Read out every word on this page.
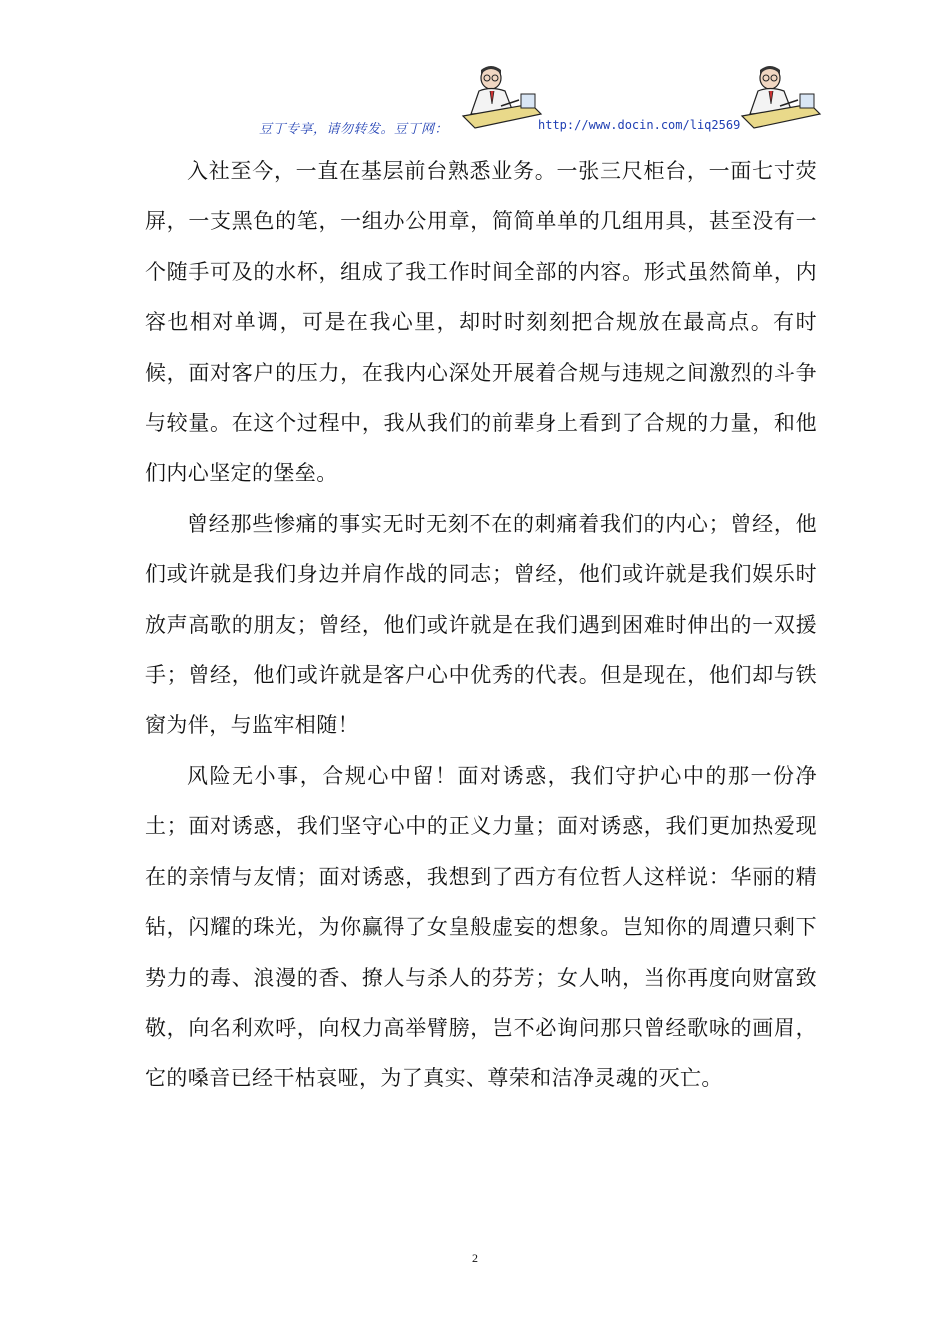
豆丁专享，请勿转发。豆丁网：	http://www.docin.com/liq2569

入社至今，一直在基层前台熟悉业务。一张三尺柜台，一面七寸荧屏，一支黑色的笔，一组办公用章，简简单单的几组用具，甚至没有一个随手可及的水杯，组成了我工作时间全部的内容。形式虽然简单，内容也相对单调，可是在我心里，却时时刻刻把合规放在最高点。有时候，面对客户的压力，在我内心深处开展着合规与违规之间激烈的斗争与较量。在这个过程中，我从我们的前辈身上看到了合规的力量，和他们内心坚定的堡垒。

曾经那些惨痛的事实无时无刻不在的刺痛着我们的内心；曾经，他们或许就是我们身边并肩作战的同志；曾经，他们或许就是我们娱乐时放声高歌的朋友；曾经，他们或许就是在我们遇到困难时伸出的一双援手；曾经，他们或许就是客户心中优秀的代表。但是现在，他们却与铁窗为伴，与监牢相随！

风险无小事，合规心中留！面对诱惑，我们守护心中的那一份净土；面对诱惑，我们坚守心中的正义力量；面对诱惑，我们更加热爱现在的亲情与友情；面对诱惑，我想到了西方有位哲人这样说：华丽的精钻，闪耀的珠光，为你赢得了女皇般虚妄的想象。岂知你的周遭只剩下势力的毒、浪漫的香、撩人与杀人的芬芳；女人呐，当你再度向财富致敬，向名利欢呼，向权力高举臂膀，岂不必询问那只曾经歌咏的画眉，它的嗓音已经干枯哀哑，为了真实、尊荣和洁净灵魂的灭亡。

2
